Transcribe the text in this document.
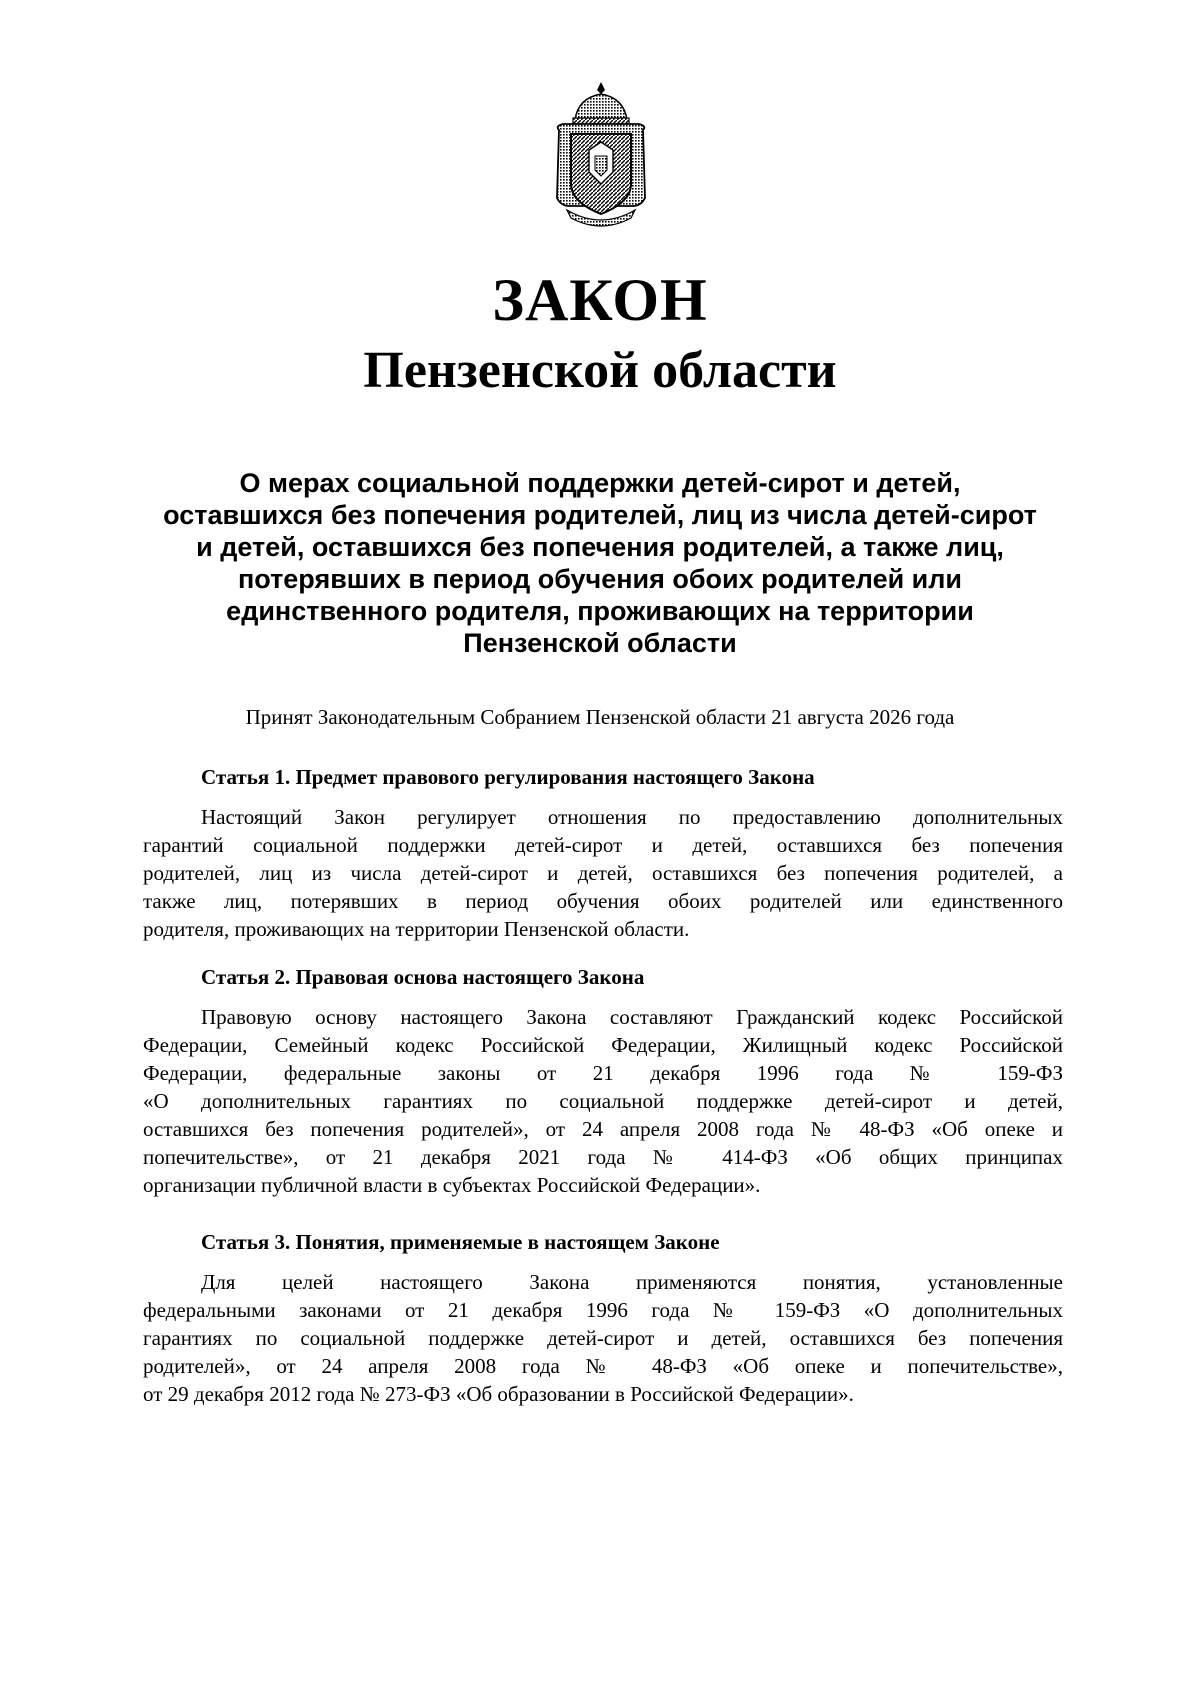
ЗАКОН
Пензенской области
О мерах социальной поддержки детей-сирот и детей,
оставшихся без попечения родителей, лиц из числа детей-сирот
и детей, оставшихся без попечения родителей, а также лиц,
потерявших в период обучения обоих родителей или
единственного родителя, проживающих на территории
Пензенской области
Принят Законодательным Собранием Пензенской области 21 августа 2026 года

Статья 1. Предмет правового регулирования настоящего Закона

Настоящий Закон регулирует отношения по предоставлению дополнительных
гарантий социальной поддержки детей-сирот и детей, оставшихся без попечения
родителей, лиц из числа детей-сирот и детей, оставшихся без попечения родителей, а
также лиц, потерявших в период обучения обоих родителей или единственного
родителя, проживающих на территории Пензенской области.

Статья 2. Правовая основа настоящего Закона

Правовую основу настоящего Закона составляют Гражданский кодекс Российской
Федерации, Семейный кодекс Российской Федерации, Жилищный кодекс Российской
Федерации, федеральные законы от 21 декабря 1996 года № 159-ФЗ
«О дополнительных гарантиях по социальной поддержке детей-сирот и детей,
оставшихся без попечения родителей», от 24 апреля 2008 года № 48-ФЗ «Об опеке и
попечительстве», от 21 декабря 2021 года № 414-ФЗ «Об общих принципах
организации публичной власти в субъектах Российской Федерации».

Статья 3. Понятия, применяемые в настоящем Законе

Для целей настоящего Закона применяются понятия, установленные
федеральными законами от 21 декабря 1996 года № 159-ФЗ «О дополнительных
гарантиях по социальной поддержке детей-сирот и детей, оставшихся без попечения
родителей», от 24 апреля 2008 года № 48-ФЗ «Об опеке и попечительстве»,
от 29 декабря 2012 года № 273-ФЗ «Об образовании в Российской Федерации».
